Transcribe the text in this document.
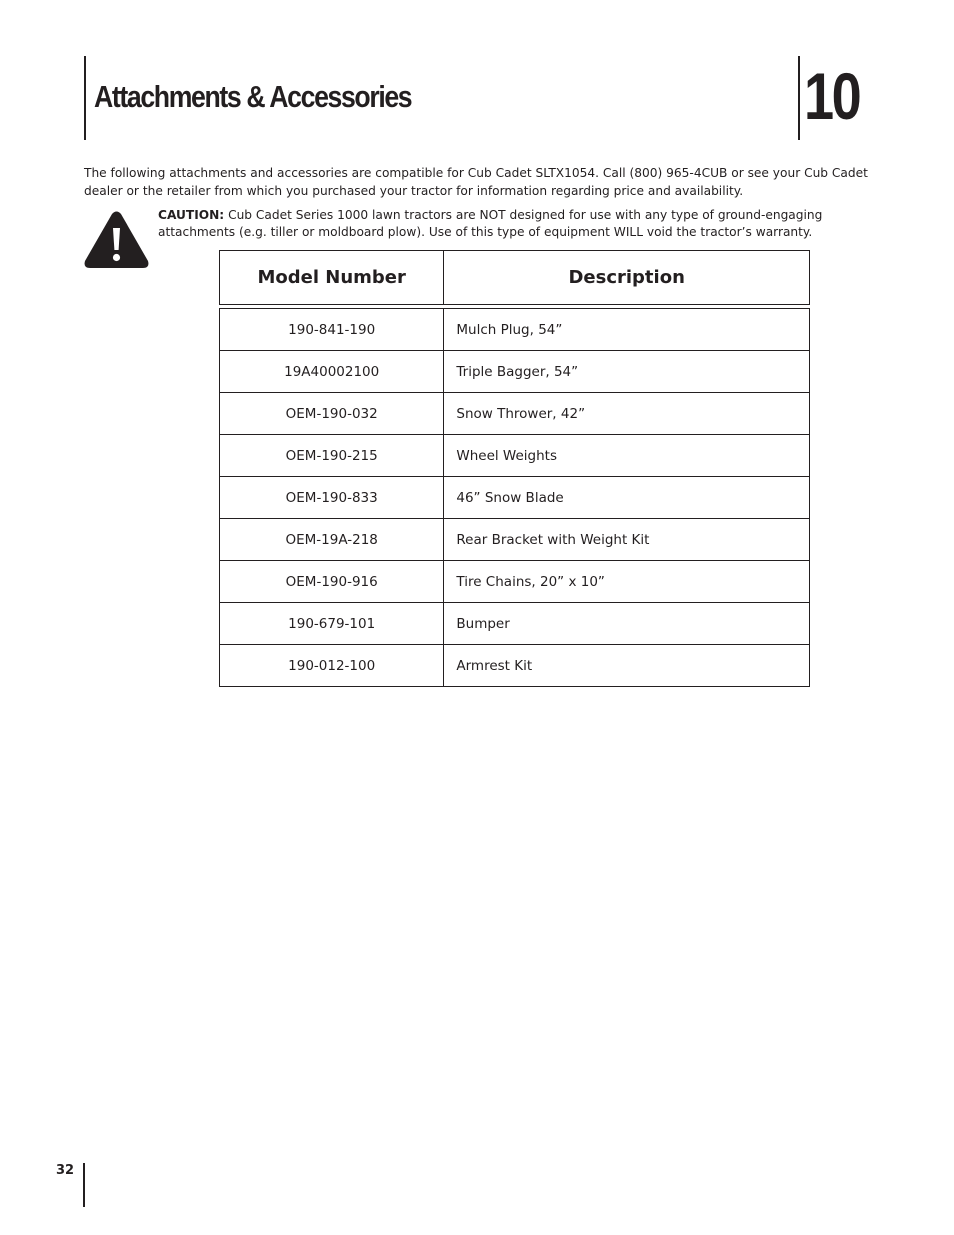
Attachments & Accessories	10

The following attachments and accessories are compatible for Cub Cadet SLTX1054. Call (800) 965-4CUB or see your Cub Cadet dealer or the retailer from which you purchased your tractor for information regarding price and availability.

CAUTION: Cub Cadet Series 1000 lawn tractors are NOT designed for use with any type of ground-engaging attachments (e.g. tiller or moldboard plow). Use of this type of equipment WILL void the tractor’s warranty.

Model Number	Description

190-841-190	Mulch Plug, 54”
19A40002100	Triple Bagger, 54”
OEM-190-032	Snow Thrower, 42”
OEM-190-215	Wheel Weights
OEM-190-833	46” Snow Blade
OEM-19A-218	Rear Bracket with Weight Kit
OEM-190-916	Tire Chains, 20” x 10”
190-679-101	Bumper
190-012-100	Armrest Kit
32
